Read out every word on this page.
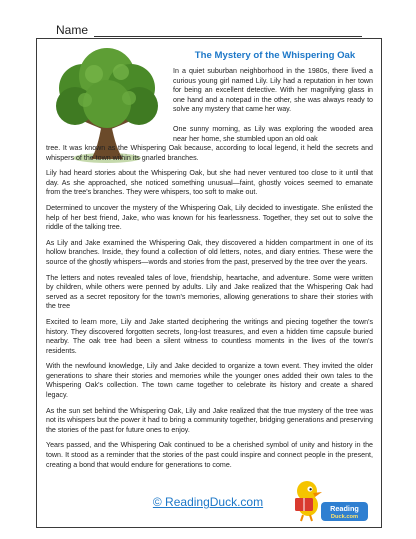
Name
The Mystery of the Whispering Oak

In a quiet suburban neighborhood in the 1980s, there lived a curious young girl named Lily. Lily had a reputation in her town for being an excellent detective. With her magnifying glass in one hand and a notepad in the other, she was always ready to solve any mystery that came her way.

One sunny morning, as Lily was exploring the wooded area near her home, she stumbled upon an old oak

tree. It was known as the Whispering Oak because, according to local legend, it held the secrets and whispers of the town within its gnarled branches.

Lily had heard stories about the Whispering Oak, but she had never ventured too close to it until that day. As she approached, she noticed something unusual—faint, ghostly voices seemed to emanate from the tree's branches. They were whispers, too soft to make out.

Determined to uncover the mystery of the Whispering Oak, Lily decided to investigate. She enlisted the help of her best friend, Jake, who was known for his fearlessness. Together, they set out to solve the riddle of the talking tree.

As Lily and Jake examined the Whispering Oak, they discovered a hidden compartment in one of its hollow branches. Inside, they found a collection of old letters, notes, and diary entries. These were the source of the ghostly whispers—words and stories from the past, preserved by the tree over the years.

The letters and notes revealed tales of love, friendship, heartache, and adventure. Some were written by children, while others were penned by adults. Lily and Jake realized that the Whispering Oak had served as a secret repository for the town's memories, allowing generations to share their stories with the tree

Excited to learn more, Lily and Jake started deciphering the writings and piecing together the town's history. They discovered forgotten secrets, long-lost treasures, and even a hidden time capsule buried nearby. The oak tree had been a silent witness to countless moments in the lives of the town's residents.

With the newfound knowledge, Lily and Jake decided to organize a town event. They invited the older generations to share their stories and memories while the younger ones added their own tales to the Whispering Oak's collection. The town came together to celebrate its history and create a shared legacy.

As the sun set behind the Whispering Oak, Lily and Jake realized that the true mystery of the tree was not its whispers but the power it had to bring a community together, bridging generations and preserving the stories of the past for future ones to enjoy.

Years passed, and the Whispering Oak continued to be a cherished symbol of unity and history in the town. It stood as a reminder that the stories of the past could inspire and connect people in the present, creating a bond that would endure for generations to come.

Reading
Duck.com
© ReadingDuck.com
